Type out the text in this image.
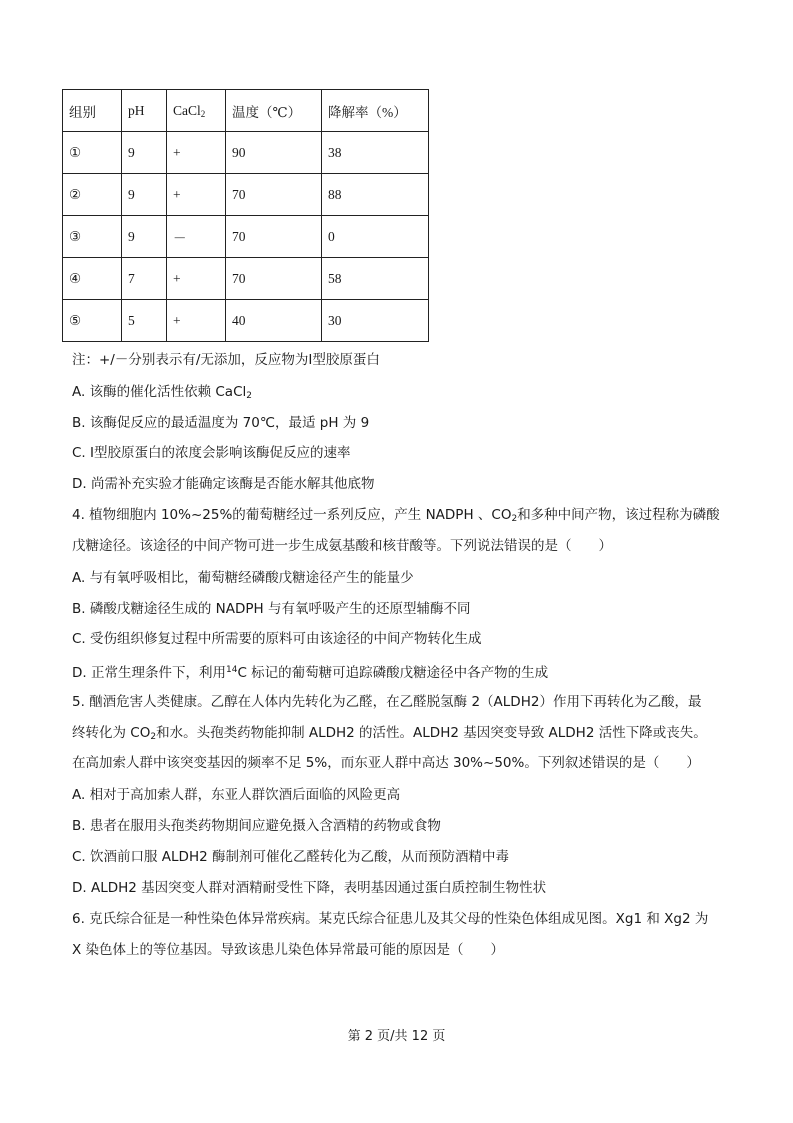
组别	pH	CaCl$_2$	温度（℃）	降解率（%）
①	9	+	90	38
②	9	+	70	88
③	9	－	70	0
④	7	+	70	58
⑤	5	+	40	30
注：+/－分别表示有/无添加，反应物为Ⅰ型胶原蛋白
A. 该酶的催化活性依赖 CaCl$_2$
B. 该酶促反应的最适温度为 70℃，最适 pH 为 9
C. Ⅰ型胶原蛋白的浓度会影响该酶促反应的速率
D. 尚需补充实验才能确定该酶是否能水解其他底物
4. 植物细胞内 10%~25%的葡萄糖经过一系列反应，产生 NADPH 、$CO_2$和多种中间产物，该过程称为磷酸
戊糖途径。该途径的中间产物可进一步生成氨基酸和核苷酸等。下列说法错误的是（　　）
A. 与有氧呼吸相比，葡萄糖经磷酸戊糖途径产生的能量少
B. 磷酸戊糖途径生成的 NADPH 与有氧呼吸产生的还原型辅酶不同
C. 受伤组织修复过程中所需要的原料可由该途径的中间产物转化生成
D. 正常生理条件下，利用$^{14}$C 标记的葡萄糖可追踪磷酸戊糖途径中各产物的生成
5. 酗酒危害人类健康。乙醇在人体内先转化为乙醛，在乙醛脱氢酶 2（ALDH2）作用下再转化为乙酸，最
终转化为 $CO_2$和水。头孢类药物能抑制 ALDH2 的活性。ALDH2 基因突变导致 ALDH2 活性下降或丧失。
在高加索人群中该突变基因的频率不足 5%，而东亚人群中高达 30%~50%。下列叙述错误的是（　　）
A. 相对于高加索人群，东亚人群饮酒后面临的风险更高
B. 患者在服用头孢类药物期间应避免摄入含酒精的药物或食物
C. 饮酒前口服 ALDH2 酶制剂可催化乙醛转化为乙酸，从而预防酒精中毒
D. ALDH2 基因突变人群对酒精耐受性下降，表明基因通过蛋白质控制生物性状
6. 克氏综合征是一种性染色体异常疾病。某克氏综合征患儿及其父母的性染色体组成见图。Xg1 和 Xg2 为
X 染色体上的等位基因。导致该患儿染色体异常最可能的原因是（　　）
第 2 页/共 12 页
